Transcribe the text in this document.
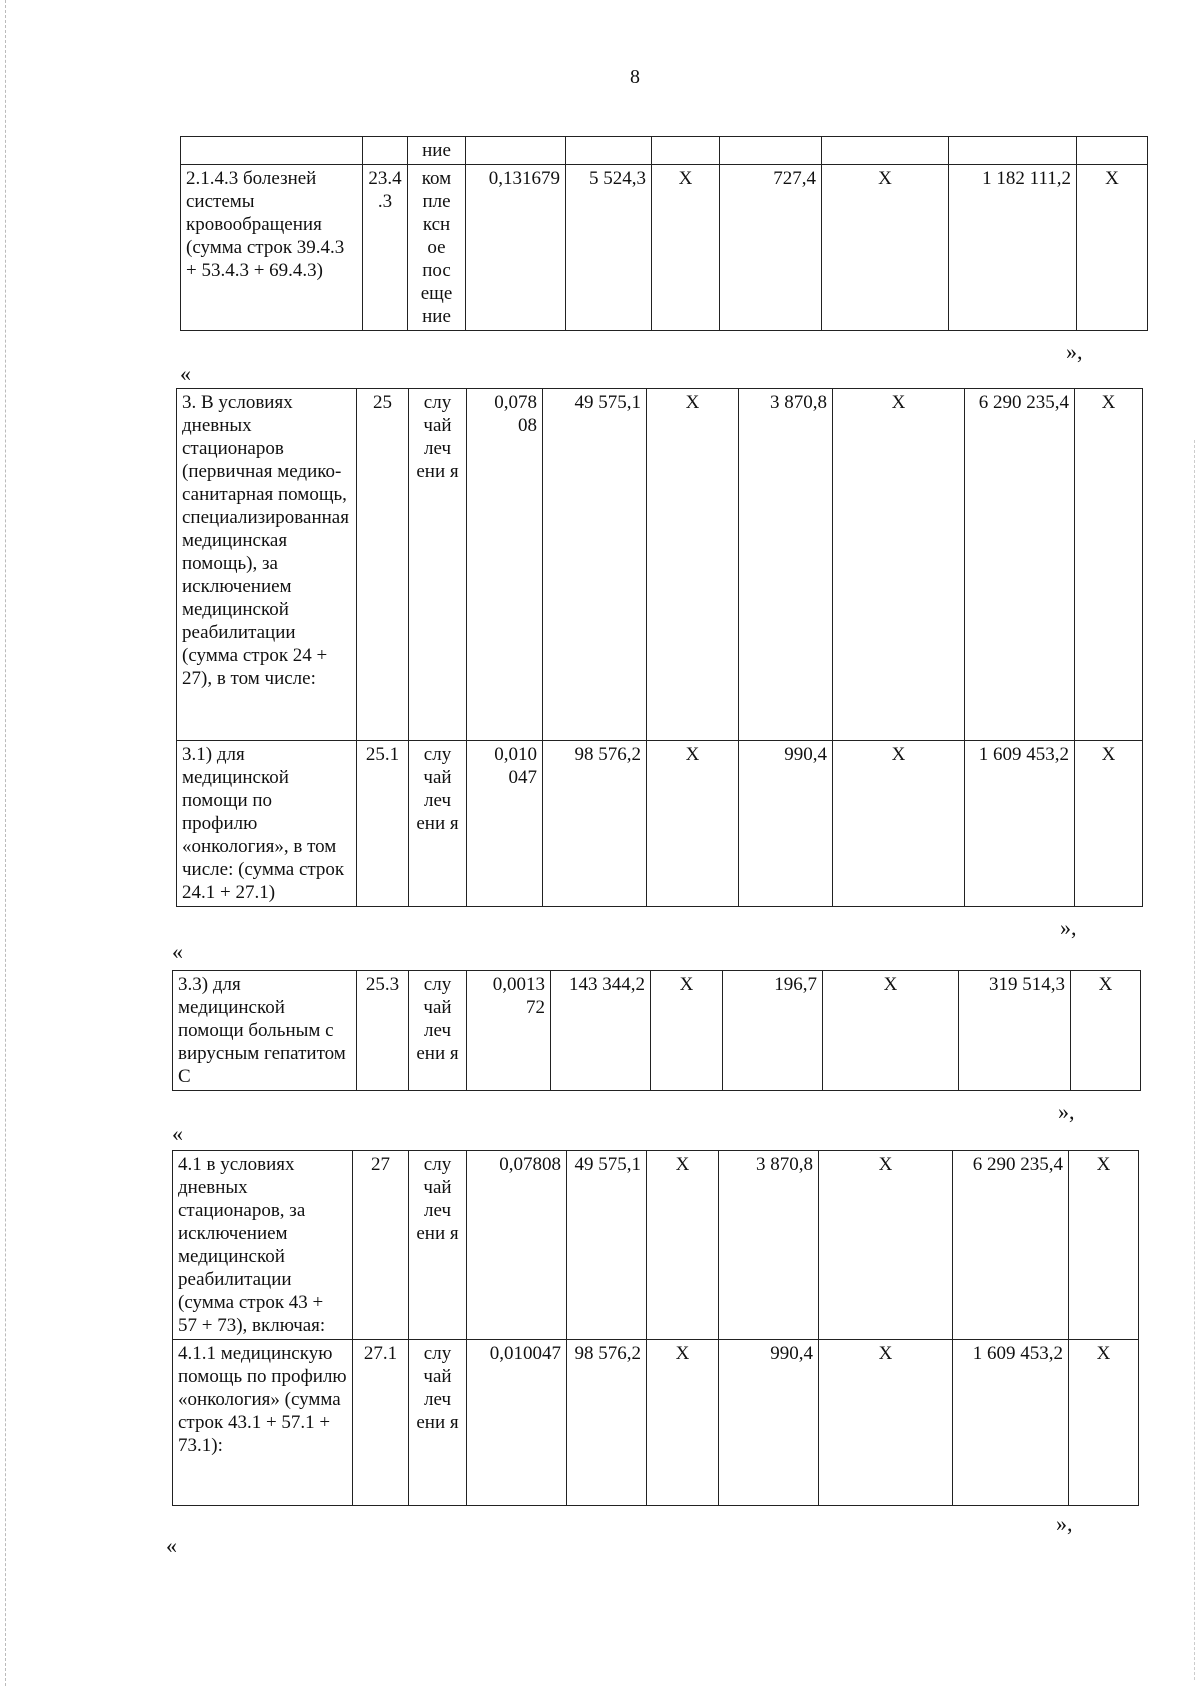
8
		ние							
2.1.4.3 болезней системы кровообращения (сумма строк 39.4.3 + 53.4.3 + 69.4.3)	23.4 .3	ком пле ксн ое пос еще ние	0,131679	5 524,3	X	727,4	X	1 182 111,2	X
»,
«
3. В условиях дневных стационаров (первичная медико-санитарная помощь, специализированная медицинская помощь), за исключением медицинской реабилитации (сумма строк 24 + 27), в том числе:	25	слу чай леч ени я	0,078 08	49 575,1	X	3 870,8	X	6 290 235,4	X
3.1) для медицинской помощи по профилю «онкология», в том числе: (сумма строк 24.1 + 27.1)	25.1	слу чай леч ени я	0,010 047	98 576,2	X	990,4	X	1 609 453,2	X
»,
«
3.3) для медицинской помощи больным с вирусным гепатитом С	25.3	слу чай леч ени я	0,0013 72	143 344,2	X	196,7	X	319 514,3	X
»,
«
4.1 в условиях дневных стационаров, за исключением медицинской реабилитации (сумма строк 43 + 57 + 73), включая:	27	слу чай леч ени я	0,07808	49 575,1	X	3 870,8	X	6 290 235,4	X
4.1.1 медицинскую помощь по профилю «онкология» (сумма строк 43.1 + 57.1 + 73.1):	27.1	слу чай леч ени я	0,010047	98 576,2	X	990,4	X	1 609 453,2	X
»,
«
